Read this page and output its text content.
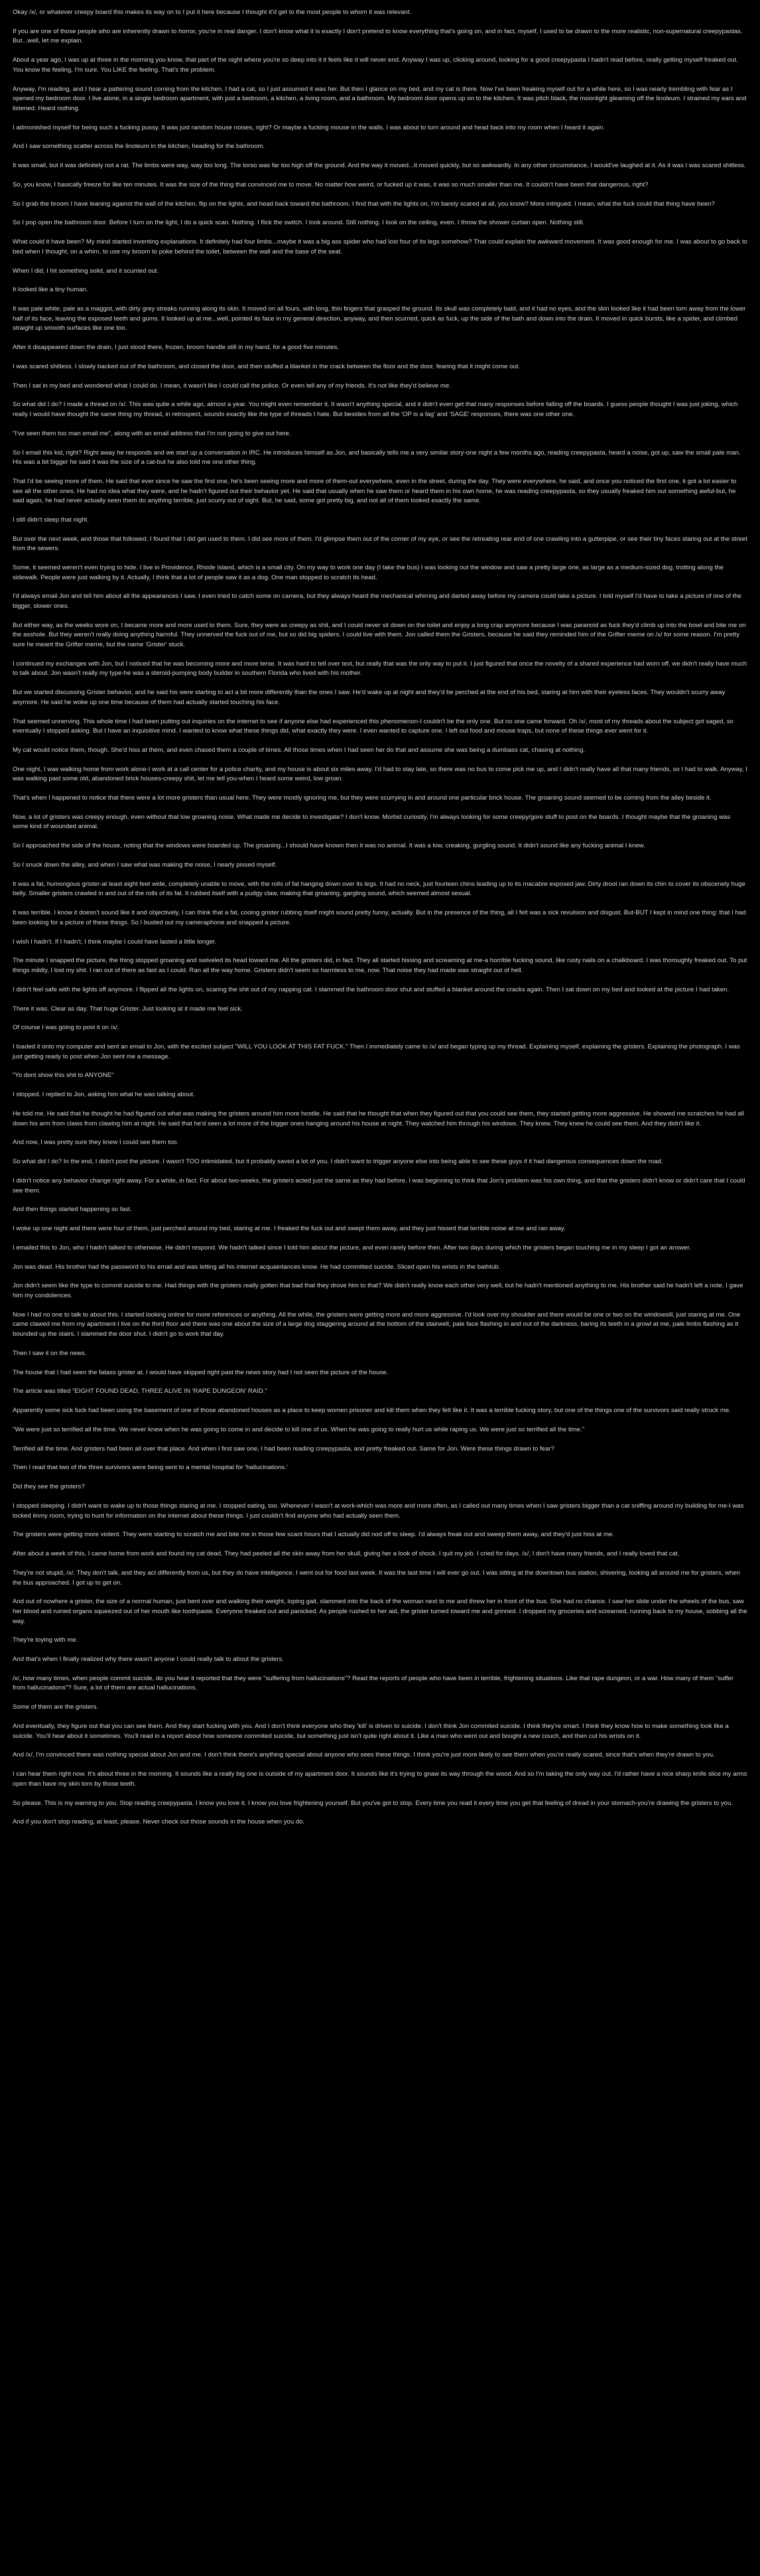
Okay /x/, or whatever creepy board this makes its way on to I put it here because I thought it'd get to the most people to whom it was relevant.

If you are one of those people who are inherently drawn to horror, you're in real danger. I don't know what it is exactly I don't pretend to know everything that's going on, and in fact, myself, I used to be drawn to the more realistic, non-supernatural creepypastas. But...well, let me explain.

About a year ago, I was up at three in the morning you know, that part of the night where you're so deep into it it feels like it will never end. Anyway I was up, clicking around, looking for a good creepypasta I hadn't read before, really getting myself freaked out. You know the feeling, I'm sure. You LIKE the feeling. That's the problem.

Anyway, I'm reading, and I hear a pattering sound coming from the kitchen. I had a cat, so I just assumed it was her. But then I glance on my bed, and my cat is there. Now I've been freaking myself out for a while here, so I was nearly trembling with fear as I opened my bedroom door. I live alone, in a single bedroom apartment, with just a bedroom, a kitchen, a living room, and a bathroom. My bedroom door opens up on to the kitchen. It was pitch black, the moonlight gleaming off the linoleum. I strained my ears and listened. Heard nothing.

I admonished myself for being such a fucking pussy. It was just random house noises, right? Or maybe a fucking mouse in the walls. I was about to turn around and head back into my room when I heard it again.

And I saw something scatter across the linoleum in the kitchen, heading for the bathroom.

It was small, but it was definitely not a rat. The limbs were way, way too long. The torso was far too high off the ground. And the way it moved...it moved quickly, but so awkwardly. In any other circumstance, I would've laughed at it. As it was I was scared shitless.

So, you know, I basically freeze for like ten minutes. It was the size of the thing that convinced me to move. No matter how weird, or fucked up it was, it was so much smaller than me. It couldn't have been that dangerous, right?

So I grab the broom I have leaning against the wall of the kitchen, flip on the lights, and head back toward the bathroom. I find that with the lights on, I'm barely scared at all, you know? More intrigued. I mean, what the fuck could that thing have been?

So I pop open the bathroom door. Before I turn on the light, I do a quick scan. Nothing. I flick the switch. I look around. Still nothing. I look on the ceiling, even. I throw the shower curtain open. Nothing still.

What could it have been? My mind started inventing explanations. It definitely had four limbs...maybe it was a big ass spider who had lost four of its legs somehow? That could explain the awkward movement. It was good enough for me. I was about to go back to bed when I thought, on a whim, to use my broom to poke behind the toilet, between the wall and the base of the seat.

When I did, I hit something solid, and it scurried out.

It looked like a tiny human.

It was pale white, pale as a maggot, with dirty grey streaks running along its skin. It moved on all fours, with long, thin fingers that grasped the ground. Its skull was completely bald, and it had no eyes, and the skin looked like it had been torn away from the lower half of its face, leaving the exposed teeth and gums. It looked up at me...well, pointed its face in my general direction, anyway, and then scurried, quick as fuck, up the side of the bath and down into the drain. It moved in quick bursts, like a spider, and climbed straight up smooth surfaces like one too.

After it disappeared down the drain, I just stood there, frozen, broom handle still in my hand, for a good five minutes.

I was scared shitless. I slowly backed out of the bathroom, and closed the door, and then stuffed a blanket in the crack between the floor and the door, fearing that it might come out.

Then I sat in my bed and wondered what I could do. I mean, it wasn't like I could call the police. Or even tell any of my friends. It's not like they'd believe me.

So what did I do? I made a thread on /x/. This was quite a while ago, almost a year. You might even remember it. It wasn't anything special, and it didn't even get that many responses before falling off the boards. I guess people thought I was just joking, which really I would have thought the same thing my thread, in retrospect, sounds exactly like the type of threads I hate. But besides from all the 'OP is a fag' and 'SAGE' responses, there was one other one.

"I've seen them too man email me", along with an email address that I'm not going to give out here.

So I email this kid, right? Right away he responds and we start up a conversation in IRC. He introduces himself as Jon, and basically tells me a very similar story-one night a few months ago, reading creepypasta, heard a noise, got up, saw the small pale man. His was a bit bigger he said it was the size of a cat-but he also told me one other thing.

That I'd be seeing more of them. He said that ever since he saw the first one, he's been seeing more and more of them-out everywhere, even in the street, during the day. They were everywhere, he said, and once you noticed the first one, it got a lot easier to see all the other ones. He had no idea what they were, and he hadn't figured out their behavior yet. He said that usually when he saw them or heard them in his own home, he was reading creepypasta, so they usually freaked him out something awful-but, he said again, he had never actually seen them do anything terrible, just scurry out of sight. But, he said, some got pretty big, and not all of them looked exactly the same.

I still didn't sleep that night.

But over the next week, and those that followed, I found that I did get used to them. I did see more of them. I'd glimpse them out of the corner of my eye, or see the retreating rear end of one crawling into a gutterpipe, or see their tiny faces staring out at the street from the sewers.

Some, it seemed weren't even trying to hide. I live in Providence, Rhode Island, which is a small city. On my way to work one day (I take the bus) I was looking out the window and saw a pretty large one, as large as a medium-sized dog, trotting along the sidewalk. People were just walking by it. Actually, I think that a lot of people saw it as a dog. One man stopped to scratch its head.

I'd always email Jon and tell him about all the appearances I saw. I even tried to catch some on camera, but they always heard the mechanical whirring and darted away before my camera could take a picture. I told myself I'd have to take a picture of one of the bigger, slower ones.

But either way, as the weeks wore on, I became more and more used to them. Sure, they were as creepy as shit, and I could never sit down on the toilet and enjoy a long crap anymore because I was paranoid as fuck they'd climb up into the bowl and bite me on the asshole. But they weren't really doing anything harmful. They unnerved the fuck out of me, but so did big spiders. I could live with them. Jon called them the Gristers, because he said they reminded him of the Grifter meme on /x/ for some reason. I'm pretty sure he meant the Grifter meme, but the name 'Grister' stuck.

I continued my exchanges with Jon, but I noticed that he was becoming more and more terse. It was hard to tell over text, but really that was the only way to put it. I just figured that once the novelty of a shared experience had worn off, we didn't really have much to talk about. Jon wasn't really my type-he was a steroid-pumping body builder in southern Florida who lived with his mother.

But we started discussing Grister behavior, and he said his were starting to act a bit more differently than the ones I saw. He'd wake up at night and they'd be perched at the end of his bed, staring at him with their eyeless faces. They wouldn't scurry away anymore. He said he woke up one time because of them had actually started touching his face.

That seemed unnerving. This whole time I had been putting out inquiries on the internet to see if anyone else had experienced this phenomenon-I couldn't be the only one. But no one came forward. Oh /x/, most of my threads about the subject got saged, so eventually I stopped asking. But I have an inquisitive mind. I wanted to know what these things did, what exactly they were. I even wanted to capture one. I left out food and mouse traps, but none of these things ever went for it.

My cat would notice them, though. She'd hiss at them, and even chased them a couple of times. All those times when I had seen her do that and assume she was being a dumbass cat, chasing at nothing.

One night, I was walking home from work alone-I work at a call center for a police charity, and my house is about six miles away. I'd had to stay late, so there was no bus to come pick me up, and I didn't really have all that many friends, so I had to walk. Anyway, I was walking past some old, abandoned brick houses-creepy shit, let me tell you-when I heard some weird, low groan.

That's when I happened to notice that there were a lot more gristers than usual here. They were mostly ignoring me, but they were scurrying in and around one particular brick house. The groaning sound seemed to be coming from the alley beside it.

Now, a lot of gristers was creepy enough, even without that low groaning noise. What made me decide to investigate? I don't know. Morbid curiosity. I'm always looking for some creepy/gore stuff to post on the boards. I thought maybe that the groaning was some kind of wounded animal.

So I approached the side of the house, noting that the windows were boarded up. The groaning...I should have known then it was no animal. It was a low, creaking, gurgling sound. It didn't sound like any fucking animal I knew.

So I snuck down the alley, and when I saw what was making the noise, I nearly pissed myself.

It was a fat, humongous grister-at least eight feet wide, completely unable to move, with the rolls of fat hanging down over its legs. It had no neck, just fourteen chins leading up to its macabre exposed jaw. Dirty drool ran down its chin to cover its obscenely huge belly. Smaller gristers crawled in and out of the rolls of its fat. It rubbed itself with a pudgy claw, making that groaning, gargling sound, which seemed almost sexual.

It was terrible. I know it doesn't sound like it and objectively, I can think that a fat, cooing grister rubbing itself might sound pretty funny, actually. But in the presence of the thing, all I felt was a sick revulsion and disgust. But-BUT I kept in mind one thing: that I had been looking for a picture of these things. So I busted out my cameraphone and snapped a picture.

I wish I hadn't. If I hadn't, I think maybe I could have lasted a little longer.

The minute I snapped the picture, the thing stopped groaning and swiveled its head toward me. All the gristers did, in fact. They all started hissing and screaming at me-a horrible fucking sound, like rusty nails on a chalkboard. I was thoroughly freaked out. To put things mildly, I lost my shit. I ran out of there as fast as I could. Ran all the way home. Gristers didn't seem so harmless to me, now. That noise they had made was straight out of hell.

I didn't feel safe with the lights off anymore. I flipped all the lights on, scaring the shit out of my napping cat. I slammed the bathroom door shut and stuffed a blanket around the cracks again. Then I sat down on my bed and looked at the picture I had taken.

There it was. Clear as day. That huge Grister. Just looking at it made me feel sick.

Of course I was going to post it on /x/.

I loaded it onto my computer and sent an email to Jon, with the excited subject "WILL YOU LOOK AT THIS FAT FUCK." Then I immediately came to /x/ and began typing up my thread. Explaining myself, explaining the gristers. Explaining the photograph. I was just getting ready to post when Jon sent me a message.

"Yo dont show this shit to ANYONE"

I stopped. I replied to Jon, asking him what he was talking about.

He told me. He said that he thought he had figured out what was making the gristers around him more hostile. He said that he thought that when they figured out that you could see them, they started getting more aggressive. He showed me scratches he had all down his arm from claws from clawing him at night. He said that he'd seen a lot more of the bigger ones hanging around his house at night. They watched him through his windows. They knew. They knew he could see them. And they didn't like it.

And now, I was pretty sure they knew I could see them too.

So what did I do? In the end, I didn't post the picture. I wasn't TOO intimidated, but it probably saved a lot of you. I didn't want to trigger anyone else into being able to see these guys if it had dangerous consequences down the road.

I didn't notice any behavior change right away. For a while, in fact. For about two-weeks, the gristers acted just the same as they had before. I was beginning to think that Jon's problem was his own thing, and that the gristers didn't know or didn't care that I could see them.

And then things started happening so fast.

I woke up one night and there were four of them, just perched around my bed, staring at me. I freaked the fuck out and swept them away, and they just hissed that terrible noise at me and ran away.

I emailed this to Jon, who I hadn't talked to otherwise. He didn't respond. We hadn't talked since I told him about the picture, and even rarely before then. After two days during which the gristers began touching me in my sleep I got an answer.

Jon was dead. His brother had the password to his email and was letting all his internet acquaintances know. He had committed suicide. Sliced open his wrists in the bathtub.

Jon didn't seem like the type to commit suicide to me. Had things with the gristers really gotten that bad that they drove him to that? We didn't really know each other very well, but he hadn't mentioned anything to me. His brother said he hadn't left a note. I gave him my condolences.

Now I had no one to talk to about this. I started looking online for more references or anything. All the while, the gristers were getting more and more aggressive. I'd look over my shoulder and there would be one or two on the windowsill, just staring at me. One came clawed me from my apartment-I live on the third floor and there was one about the size of a large dog staggering around at the bottom of the stairwell, pale face flashing in and out of the darkness, baring its teeth in a growl at me, pale limbs flashing as it bounded up the stairs. I slammed the door shut. I didn't go to work that day.

Then I saw it on the news.

The house that I had seen the fatass grister at. I would have skipped right past the news story had I not seen the picture of the house.

The article was titled "EIGHT FOUND DEAD, THREE ALIVE IN 'RAPE DUNGEON' RAID."

Apparently some sick fuck had been using the basement of one of those abandoned houses as a place to keep women prisoner and kill them when they felt like it. It was a terrible fucking story, but one of the things one of the survivors said really struck me.

"We were just so terrified all the time. We never knew when he was going to come in and decide to kill one of us. When he was going to really hurt us while raping us. We were just so terrified all the time."

Terrified all the time. And gristers had been all over that place. And when I first saw one, I had been reading creepypasta, and pretty freaked out. Same for Jon. Were these things drawn to fear?

Then I read that two of the three survivors were being sent to a mental hospital for 'hallucinations.'

Did they see the gristers?

I stopped sleeping. I didn't want to wake up to those things staring at me. I stopped eating, too. Whenever I wasn't at work-which was more and more often, as I called out many times when I saw gristers bigger than a cat sniffing around my building for me-I was locked iinmy room, trying to hunt for information on the internet about these things. I just couldn't find anyone who had actually seen them.

The gristers were getting more violent. They were starting to scratch me and bite me in those few scant hours that I actually did nod off to sleep. I'd always freak out and sweep them away, and they'd just hiss at me.

After about a week of this, I came home from work and found my cat dead. They had peeled all the skin away from her skull, giving her a look of shock. I quit my job. I cried for days. /x/, I don't have many friends, and I really loved that cat.

They're not stupid, /x/. They don't talk, and they act differently from us, but they do have intelligence. I went out for food last week. It was the last time I will ever go out. I was sitting at the downtown bus station, shivering, looking all around me for gristers, when the bus approached. I got up to get on.

And out of nowhere a grister, the size of a normal human, just bent over and walking their weight, loping gait, slammed into the back of the woman next to me and threw her in front of the bus. She had no chance. I saw her slide under the wheels of the bus, saw her blood and ruined organs squeezed out of her mouth like toothpaste. Everyone freaked out and panicked. As people rushed to her aid, the grister turned toward me and grinned. I dropped my groceries and screamed, running back to my house, sobbing all the way.

They're toying with me.

And that's when I finally realized why there wasn't anyone I could really talk to about the gristers.

/x/, how many times, when people commit suicide, do you hear it reported that they were "suffering from hallucinations"? Read the reports of people who have been in terrible, frightening situations. Like that rape dungeon, or a war. How many of them "suffer from hallucinations"? Sure, a lot of them are actual hallucinations.

Some of them are the gristers.

And eventually, they figure out that you can see them. And they start fucking with you. And I don't think everyone who they 'kill' is driven to suicide. I don't think Jon commited suicide. I think they're smart. I think they know how to make something look like a suicide. You'll hear about it sometimes. You'll read in a report about how someone commited suicide, but something just isn't quite right about it. Like a man who went out and bought a new couch, and then cut his wrists on it.

And /x/, I'm convinced there was nothing special about Jon and me. I don't think there's anything special about anyone who sees these things. I think you're just more likely to see them when you're really scared, since that's when they're drawn to you.

I can hear them right now. It's about three in the morning. It sounds like a really big one is outside of my apartment door. It sounds like it's trying to gnaw its way through the wood. And so I'm taking the only way out. I'd rather have a nice sharp knife slice my arms open than have my skin torn by those teeth.

So please. This is my warning to you. Stop reading creepypasta. I know you love it. I know you love frightening yourself. But you've got to stop. Every time you read it every time you get that feeling of dread in your stomach-you're drawing the gristers to you.

And if you don't stop reading, at least, please. Never check out those sounds in the house when you do.
